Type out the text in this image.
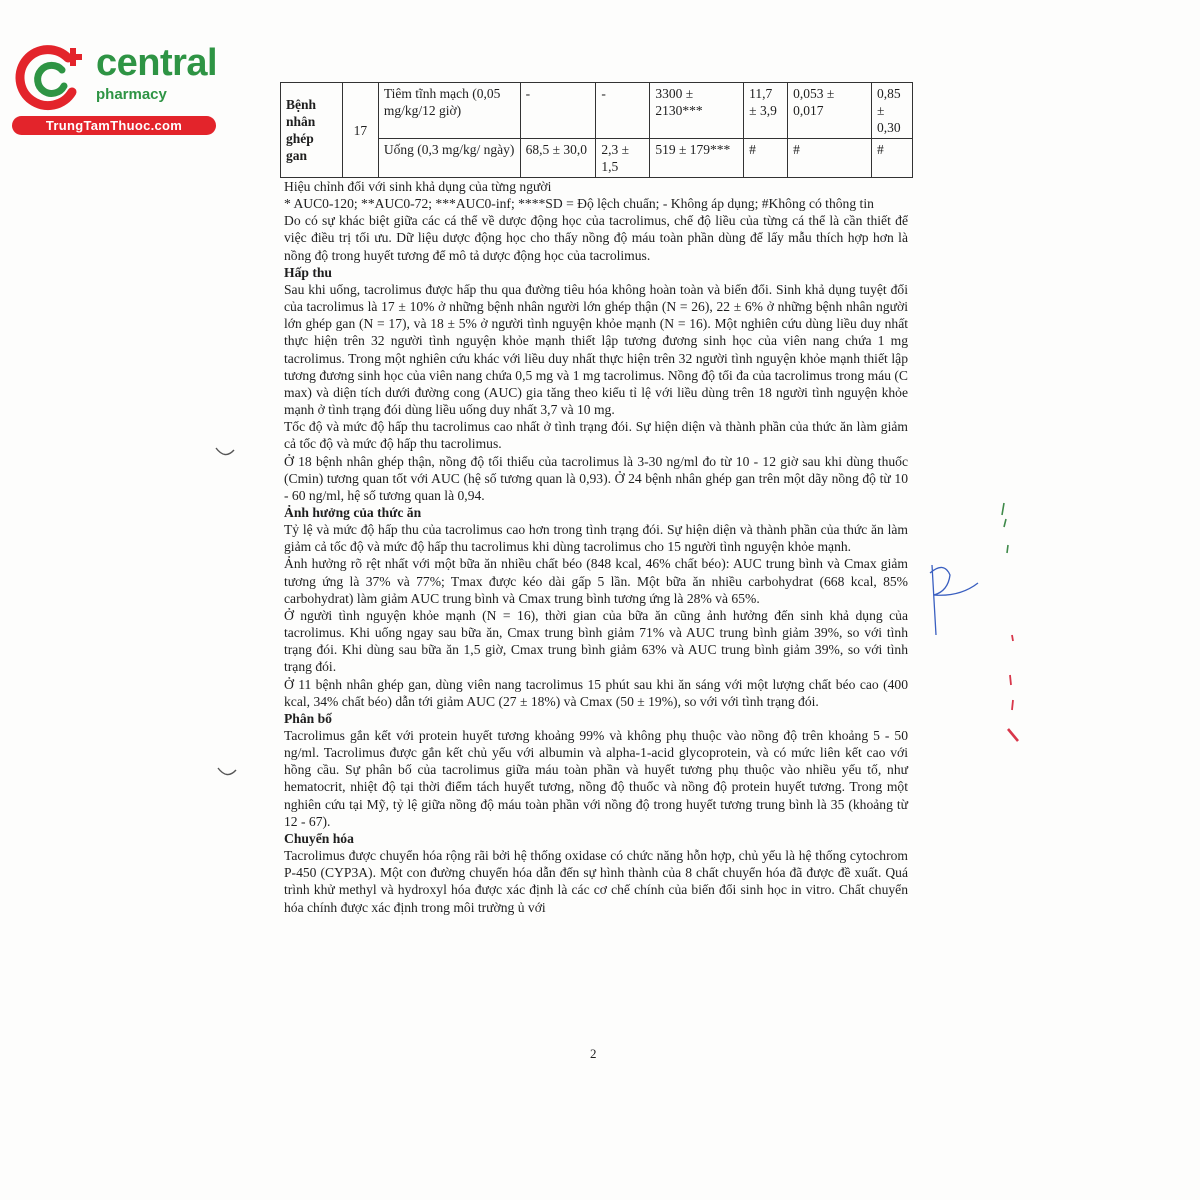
central
pharmacy
TrungTamThuoc.com
Bệnh nhân ghép gan	17	Tiêm tĩnh mạch (0,05 mg/kg/12 giờ)	-	-	3300 ± 2130***	11,7 ± 3,9	0,053 ± 0,017	0,85 ± 0,30
		Uống (0,3 mg/kg/ ngày)	68,5 ± 30,0	2,3 ± 1,5	519 ± 179***	#	#	#

Hiệu chỉnh đối với sinh khả dụng của từng người

* AUC0-120; **AUC0-72; ***AUC0-inf; ****SD = Độ lệch chuẩn; - Không áp dụng; #Không có thông tin

Do có sự khác biệt giữa các cá thể về dược động học của tacrolimus, chế độ liều của từng cá thể là cần thiết để việc điều trị tối ưu. Dữ liệu dược động học cho thấy nồng độ máu toàn phần dùng để lấy mẫu thích hợp hơn là nồng độ trong huyết tương để mô tả dược động học của tacrolimus.

Hấp thu

Sau khi uống, tacrolimus được hấp thu qua đường tiêu hóa không hoàn toàn và biến đổi. Sinh khả dụng tuyệt đối của tacrolimus là 17 ± 10% ở những bệnh nhân người lớn ghép thận (N = 26), 22 ± 6% ở những bệnh nhân người lớn ghép gan (N = 17), và 18 ± 5% ở người tình nguyện khỏe mạnh (N = 16). Một nghiên cứu dùng liều duy nhất thực hiện trên 32 người tình nguyện khỏe mạnh thiết lập tương đương sinh học của viên nang chứa 1 mg tacrolimus. Trong một nghiên cứu khác với liều duy nhất thực hiện trên 32 người tình nguyện khỏe mạnh thiết lập tương đương sinh học của viên nang chứa 0,5 mg và 1 mg tacrolimus. Nồng độ tối đa của tacrolimus trong máu (C max) và diện tích dưới đường cong (AUC) gia tăng theo kiểu tỉ lệ với liều dùng trên 18 người tình nguyện khỏe mạnh ở tình trạng đói dùng liều uống duy nhất 3,7 và 10 mg.

Tốc độ và mức độ hấp thu tacrolimus cao nhất ở tình trạng đói. Sự hiện diện và thành phần của thức ăn làm giảm cả tốc độ và mức độ hấp thu tacrolimus.

Ở 18 bệnh nhân ghép thận, nồng độ tối thiểu của tacrolimus là 3-30 ng/ml đo từ 10 - 12 giờ sau khi dùng thuốc (Cmin) tương quan tốt với AUC (hệ số tương quan là 0,93). Ở 24 bệnh nhân ghép gan trên một dãy nồng độ từ 10 - 60 ng/ml, hệ số tương quan là 0,94.

Ảnh hưởng của thức ăn

Tỷ lệ và mức độ hấp thu của tacrolimus cao hơn trong tình trạng đói. Sự hiện diện và thành phần của thức ăn làm giảm cả tốc độ và mức độ hấp thu tacrolimus khi dùng tacrolimus cho 15 người tình nguyện khỏe mạnh.

Ảnh hưởng rõ rệt nhất với một bữa ăn nhiều chất béo (848 kcal, 46% chất béo): AUC trung bình và Cmax giảm tương ứng là 37% và 77%; Tmax được kéo dài gấp 5 lần. Một bữa ăn nhiều carbohydrat (668 kcal, 85% carbohydrat) làm giảm AUC trung bình và Cmax trung bình tương ứng là 28% và 65%.

Ở người tình nguyện khỏe mạnh (N = 16), thời gian của bữa ăn cũng ảnh hưởng đến sinh khả dụng của tacrolimus. Khi uống ngay sau bữa ăn, Cmax trung bình giảm 71% và AUC trung bình giảm 39%, so với tình trạng đói. Khi dùng sau bữa ăn 1,5 giờ, Cmax trung bình giảm 63% và AUC trung bình giảm 39%, so với tình trạng đói.

Ở 11 bệnh nhân ghép gan, dùng viên nang tacrolimus 15 phút sau khi ăn sáng với một lượng chất béo cao (400 kcal, 34% chất béo) dẫn tới giảm AUC (27 ± 18%) và Cmax (50 ± 19%), so với với tình trạng đói.

Phân bố

Tacrolimus gắn kết với protein huyết tương khoảng 99% và không phụ thuộc vào nồng độ trên khoảng 5 - 50 ng/ml. Tacrolimus được gắn kết chủ yếu với albumin và alpha-1-acid glycoprotein, và có mức liên kết cao với hồng cầu. Sự phân bố của tacrolimus giữa máu toàn phần và huyết tương phụ thuộc vào nhiều yếu tố, như hematocrit, nhiệt độ tại thời điểm tách huyết tương, nồng độ thuốc và nồng độ protein huyết tương. Trong một nghiên cứu tại Mỹ, tỷ lệ giữa nồng độ máu toàn phần với nồng độ trong huyết tương trung bình là 35 (khoảng từ 12 - 67).

Chuyển hóa

Tacrolimus được chuyển hóa rộng rãi bởi hệ thống oxidase có chức năng hỗn hợp, chủ yếu là hệ thống cytochrom P-450 (CYP3A). Một con đường chuyển hóa dẫn đến sự hình thành của 8 chất chuyển hóa đã được đề xuất. Quá trình khử methyl và hydroxyl hóa được xác định là các cơ chế chính của biến đổi sinh học in vitro. Chất chuyển hóa chính được xác định trong môi trường ủ với

2
